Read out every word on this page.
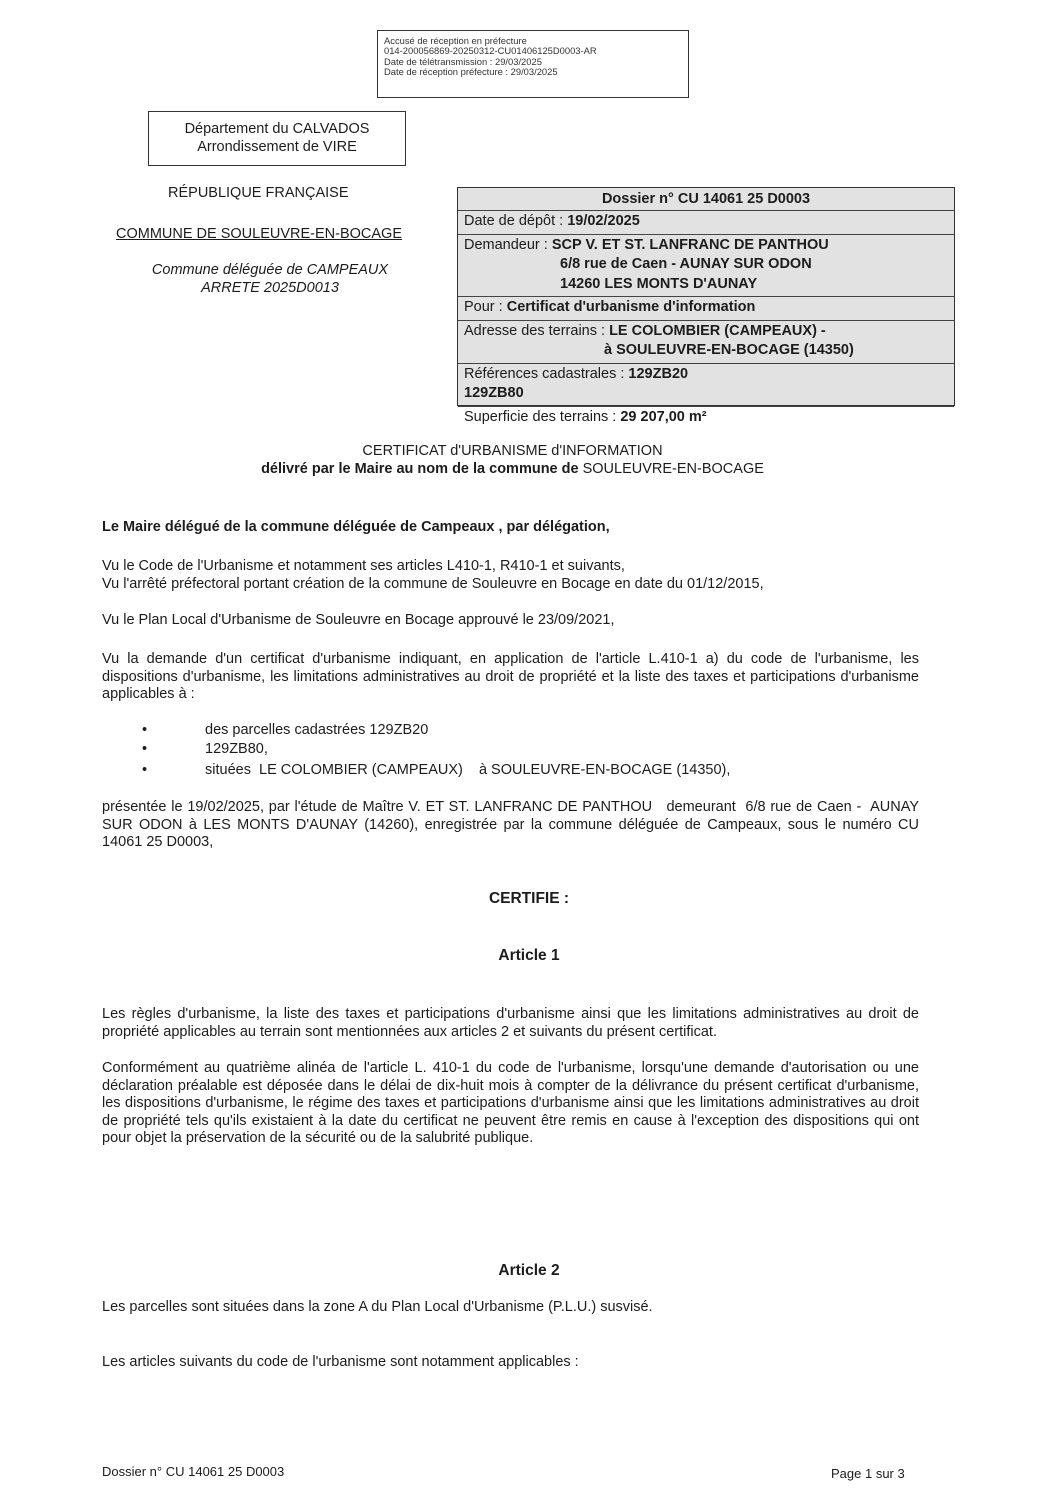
Accusé de réception en préfecture
014-200056869-20250312-CU01406125D0003-AR
Date de télétransmission : 29/03/2025
Date de réception préfecture : 29/03/2025
Département du CALVADOS
Arrondissement de VIRE
RÉPUBLIQUE FRANÇAISE
COMMUNE DE SOULEUVRE-EN-BOCAGE
Commune déléguée de CAMPEAUX
ARRETE 2025D0013
Dossier n° CU 14061 25 D0003
Date de dépôt : 19/02/2025
Demandeur : SCP V. ET ST. LANFRANC DE PANTHOU
6/8 rue de Caen - AUNAY SUR ODON
14260 LES MONTS D'AUNAY
Pour : Certificat d'urbanisme d'information
Adresse des terrains : LE COLOMBIER (CAMPEAUX) -
à SOULEUVRE-EN-BOCAGE (14350)
Références cadastrales : 129ZB20
129ZB80
Superficie des terrains : 29 207,00 m²
CERTIFICAT d'URBANISME d'INFORMATION
délivré par le Maire au nom de la commune de SOULEUVRE-EN-BOCAGE
Le Maire délégué de la commune déléguée de Campeaux , par délégation,
Vu le Code de l'Urbanisme et notamment ses articles L410-1, R410-1 et suivants,
Vu l'arrêté préfectoral portant création de la commune de Souleuvre en Bocage en date du 01/12/2015,
Vu le Plan Local d'Urbanisme de Souleuvre en Bocage approuvé le 23/09/2021,
Vu la demande d'un certificat d'urbanisme indiquant, en application de l'article L.410-1 a) du code de l'urbanisme, les dispositions d'urbanisme, les limitations administratives au droit de propriété et la liste des taxes et participations d'urbanisme applicables à :
•	des parcelles cadastrées 129ZB20
•	129ZB80,
•	situées  LE COLOMBIER (CAMPEAUX)    à SOULEUVRE-EN-BOCAGE (14350),
présentée le 19/02/2025, par l'étude de Maître V. ET ST. LANFRANC DE PANTHOU   demeurant  6/8 rue de Caen -  AUNAY SUR ODON à LES MONTS D'AUNAY (14260), enregistrée par la commune déléguée de Campeaux, sous le numéro CU 14061 25 D0003,
CERTIFIE :
Article 1
Les règles d'urbanisme, la liste des taxes et participations d'urbanisme ainsi que les limitations administratives au droit de propriété applicables au terrain sont mentionnées aux articles 2 et suivants du présent certificat.
Conformément au quatrième alinéa de l'article L. 410-1 du code de l'urbanisme, lorsqu'une demande d'autorisation ou une déclaration préalable est déposée dans le délai de dix-huit mois à compter de la délivrance du présent certificat d'urbanisme, les dispositions d'urbanisme, le régime des taxes et participations d'urbanisme ainsi que les limitations administratives au droit de propriété tels qu'ils existaient à la date du certificat ne peuvent être remis en cause à l'exception des dispositions qui ont pour objet la préservation de la sécurité ou de la salubrité publique.
Article 2
Les parcelles sont situées dans la zone A du Plan Local d'Urbanisme (P.L.U.) susvisé.
Les articles suivants du code de l'urbanisme sont notamment applicables :
Dossier n° CU 14061 25 D0003	Page 1 sur 3
